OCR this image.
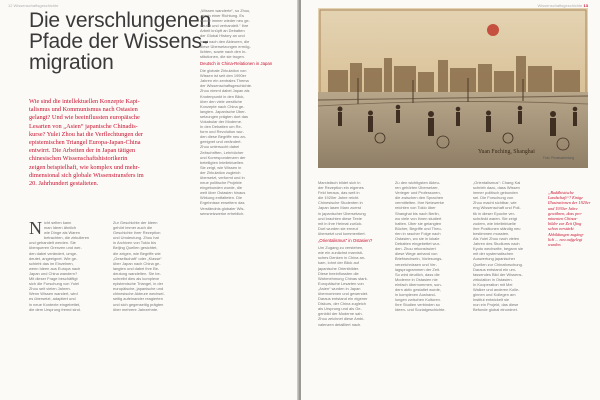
12 Wissenschaftsgeschichte
Die verschlungenen
Pfade der Wissens-
migration

Wie sind die intellektuellen Konzepte Kapi-
talismus und Kommunismus nach Ostasien
gelangt? Und wie beeinflussten europäische
Lesarten von „Asien“ japanische Chinadis-
kurse? Yulei Zhou hat die Verflechtungen der
epistemischen Triangel Europa-Japan-China
entwirrt. Die Arbeiten der in Japan tätigen
chinesischen Wissenschaftshistorikerin
zeigen beispielhaft, wie komplex und mehr-
dimensional sich globale Wissenstransfers im
20. Jahrhundert gestalteten.

N icht selten kann
man Ideen ähnlich
wie Dinge als Waren
betrachten, die zirkulieren
und gehandelt werden. Sie
überqueren Grenzen und wer-
den dabei verändert, umge-
deutet, angeeignet. Wie ge-
schieht das im Einzelnen,
wenn Ideen aus Europa nach
Japan und China wandern?
Mit dieser Frage beschäftigt
sich die Forschung von Yulei
Zhou seit vielen Jahren.
Wenn Wissen wandert, wird
es übersetzt, adaptiert und
in neue Kontexte eingebettet,
die dem Ursprung fremd sind.
Zur Geschichte der Ideen
gehört immer auch die
Geschichte ihrer Rezeption
und Umdeutung. Zhou hat
in Archiven von Tokio bis
Beijing Quellen gesichtet,
die zeigen, wie Begriffe wie
„Gesellschaft“ oder „Klasse“
über Japan nach China ge-
langten und dabei ihre Be-
deutung wandelten. Sie be-
schreibt dies als komplexe
epistemische Triangel, in der
europäische, japanische und
chinesische Akteure wechsel-
seitig aufeinander reagierten
und sich gegenseitig prägten
über mehrere Jahrzehnte.
„Wissen wanderte“, so Zhou,
„nie in einer Richtung. Es
wurde immer wieder neu ge-
deutet und verhandelt.“ Ihre
Arbeit knüpft an Debatten
der Global History an und
fragt nach den Akteuren, die
diese Übersetzungen ermög-
lichten, sowie nach den In-
stitutionen, die sie trugen.
Deutsch in China-Relationen in Japan
Die globale Zirkulation von
Wissen ist seit den 1990er
Jahren ein zentrales Thema
der Wissenschaftsgeschichte.
Zhou nimmt dabei Japan als
Knotenpunkt in den Blick,
über den viele westliche
Konzepte nach China ge-
langten. Japanische Über-
setzungen prägten dort das
Vokabular der Moderne.
In den Debatten um Re-
form und Revolution wur-
den diese Begriffe neu an-
geeignet und verändert.
Zhou untersucht dabei
Zeitschriften, Lehrbücher
und Korrespondenzen der
beteiligten Intellektuellen.
Sie zeigt, wie Wissen in
der Zirkulation zugleich
übersetzt, verformt und in
neue politische Projekte
eingebunden wurde, die
weit über Ostasien hinaus
Wirkung entfalteten. Die
Ergebnisse erweitern das
Verständnis globaler Wis-
sensnetzwerke erheblich.
Wissenschaftsgeschichte 13
Yuan Fuching, Shanghai
Foto: Privatsammlung
Marxistisch bildet sich in
der Rezeption ein eigenes
Feld heraus, das weit in
die 1920er Jahre reicht.
Chinesische Studenten in
Japan lasen Marx zuerst
in japanischer Übersetzung
und brachten diese Texte
mit in ihre Heimat zurück.
Dort wurden sie erneut
übersetzt und kommentiert.
„Orientalismus“ in Ostasien?
Um Zugang zu verstehen,
wie ein zunächst marxisti-
sches Denken in China an-
kam, lohnt der Blick auf
japanische Orientbilder.
Diese beeinflussten die
Wahrnehmung Chinas stark.
Europäische Lesarten von
„Asien“ wurden in Japan
übernommen und gewendet.
Daraus entstand ein eigener
Diskurs, der China zugleich
als Ursprung und als Ge-
genbild der Moderne sah.
Zhou zeichnet diese Ambi-
valenzen detailliert nach.
Zu den wichtigsten Akteu-
ren gehörten Übersetzer,
Verleger und Professoren,
die zwischen den Sprachen
vermittelten. Ihre Netzwerke
reichten von Tokio über
Shanghai bis nach Berlin,
wo viele von ihnen studiert
hatten. Über sie gelangten
Bücher, Begriffe und Theo-
rien in rascher Folge nach
Ostasien, wo sie in lokale
Debatten eingebettet wur-
den. Zhou rekonstruiert
diese Wege anhand von
Briefwechseln, Vorlesungs-
verzeichnissen und Ver-
lagsprogrammen der Zeit.
So wird deutlich, dass die
Moderne in Ostasien nie
einfach übernommen, son-
dern aktiv gestaltet wurde,
in komplexen Aushand-
lungen zwischen Kulturen.
Ihre Studien verbinden so
Ideen- und Sozialgeschichte.
„Orientalismus“: Chang Kai
schrieb dazu, dass Wissen
immer politisch gebunden
sei. Die Forschung von
Zhou macht sichtbar, wie
eng Wissenschaft und Poli-
tik in dieser Epoche ver-
schränkt waren. Sie zeigt
zudem, wie Intellektuelle
ihre Positionen ständig neu
bestimmen mussten.
Als Yulei Zhou nach vielen
Jahren des Studiums nach
Kyoto wechselte, begann sie
mit der systematischen
Auswertung japanischer
Quellen zur Chinaforschung.
Daraus entstand ein um-
fassendes Bild der Wissens-
zirkulation in Ostasien.
In Kooperation mit Mei
Walker und anderen Kolle-
ginnen und Kollegen am
Institut entwickelt sie
nun ein Projekt, das diese
Befunde global einordnet.
„Buddhistische
Landschaft“? Einige
Illustrationen der 1920er
und 1930er Jahre
gewähren, dass pro-
minenten Chinas-
bilder zur Zeit Qing
schon verstärkt
Abbildungen zugäng-
lich ... neu aufgelegt
wurden.
